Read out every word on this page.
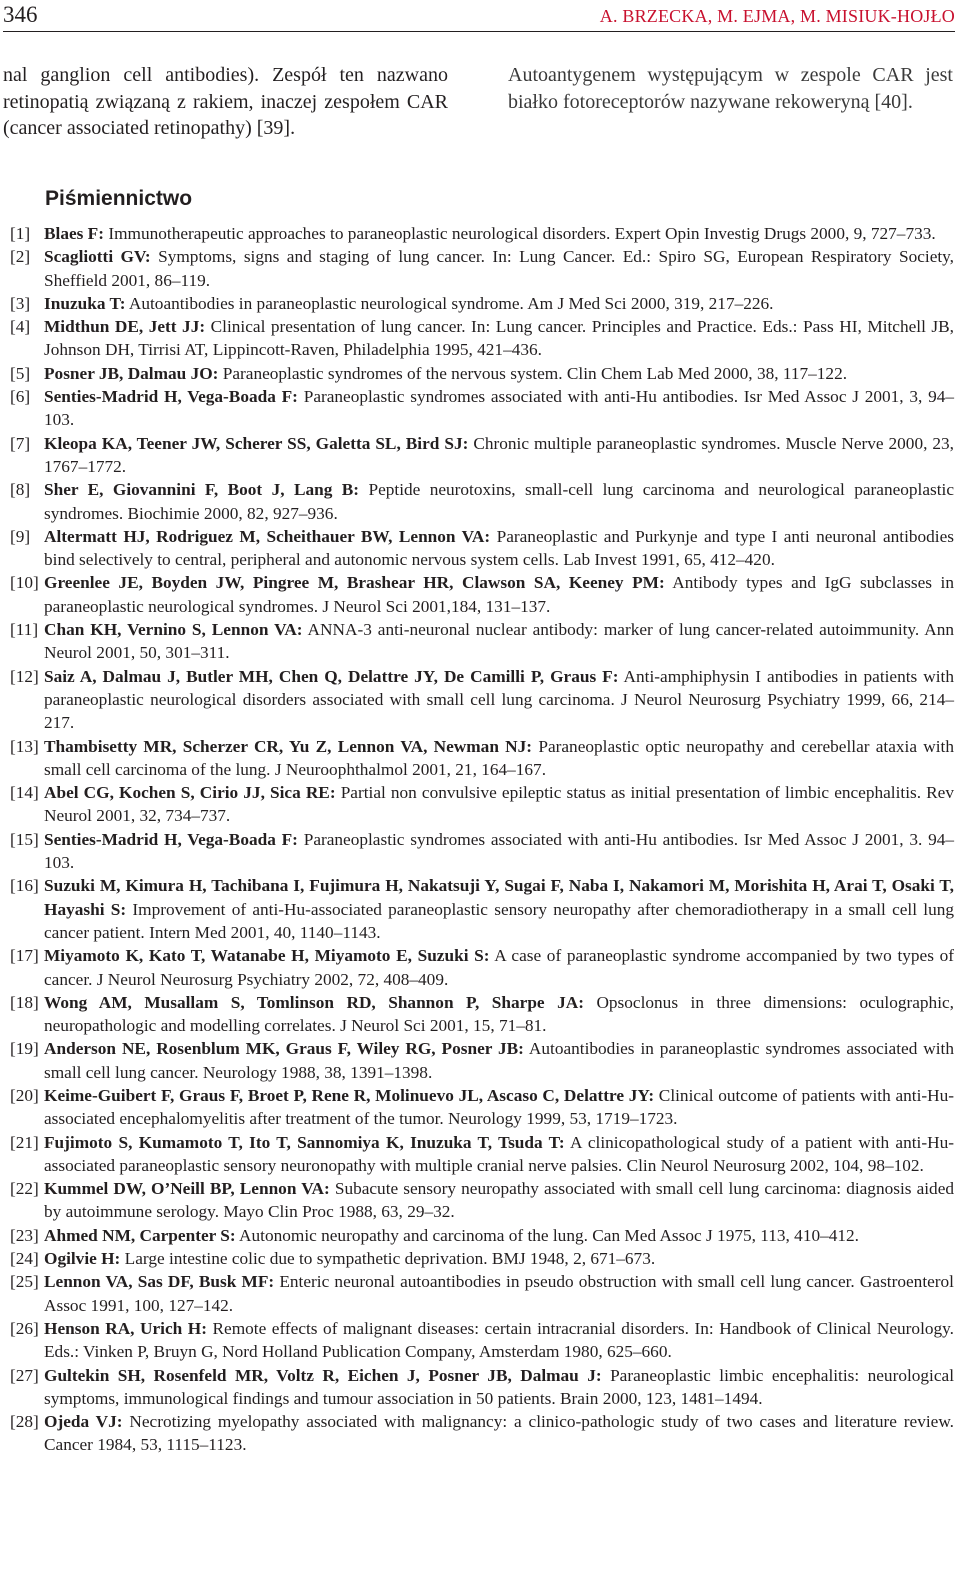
346	A. BRZECKA, M. EJMA, M. MISIUK-HOJŁO

nal ganglion cell antibodies). Zespół ten nazwano retinopatią związaną z rakiem, inaczej zespołem CAR (cancer associated retinopathy) [39].

Autoantygenem występującym w zespole CAR jest białko fotoreceptorów nazywane rekoweryną [40].

Piśmiennictwo
[1] Blaes F: Immunotherapeutic approaches to paraneoplastic neurological disorders. Expert Opin Investig Drugs 2000, 9, 727–733.
[2] Scagliotti GV: Symptoms, signs and staging of lung cancer. In: Lung Cancer. Ed.: Spiro SG, European Respiratory Society, Sheffield 2001, 86–119.
[3] Inuzuka T: Autoantibodies in paraneoplastic neurological syndrome. Am J Med Sci 2000, 319, 217–226.
[4] Midthun DE, Jett JJ: Clinical presentation of lung cancer. In: Lung cancer. Principles and Practice. Eds.: Pass HI, Mitchell JB, Johnson DH, Tirrisi AT, Lippincott-Raven, Philadelphia 1995, 421–436.
[5] Posner JB, Dalmau JO: Paraneoplastic syndromes of the nervous system. Clin Chem Lab Med 2000, 38, 117–122.
[6] Senties-Madrid H, Vega-Boada F: Paraneoplastic syndromes associated with anti-Hu antibodies. Isr Med Assoc J 2001, 3, 94–103.
[7] Kleopa KA, Teener JW, Scherer SS, Galetta SL, Bird SJ: Chronic multiple paraneoplastic syndromes. Muscle Nerve 2000, 23, 1767–1772.
[8] Sher E, Giovannini F, Boot J, Lang B: Peptide neurotoxins, small-cell lung carcinoma and neurological paraneoplastic syndromes. Biochimie 2000, 82, 927–936.
[9] Altermatt HJ, Rodriguez M, Scheithauer BW, Lennon VA: Paraneoplastic and Purkynje and type I anti neuronal antibodies bind selectively to central, peripheral and autonomic nervous system cells. Lab Invest 1991, 65, 412–420.
[10] Greenlee JE, Boyden JW, Pingree M, Brashear HR, Clawson SA, Keeney PM: Antibody types and IgG subclasses in paraneoplastic neurological syndromes. J Neurol Sci 2001,184, 131–137.
[11] Chan KH, Vernino S, Lennon VA: ANNA-3 anti-neuronal nuclear antibody: marker of lung cancer-related autoimmunity. Ann Neurol 2001, 50, 301–311.
[12] Saiz A, Dalmau J, Butler MH, Chen Q, Delattre JY, De Camilli P, Graus F: Anti-amphiphysin I antibodies in patients with paraneoplastic neurological disorders associated with small cell lung carcinoma. J Neurol Neurosurg Psychiatry 1999, 66, 214–217.
[13] Thambisetty MR, Scherzer CR, Yu Z, Lennon VA, Newman NJ: Paraneoplastic optic neuropathy and cerebellar ataxia with small cell carcinoma of the lung. J Neuroophthalmol 2001, 21, 164–167.
[14] Abel CG, Kochen S, Cirio JJ, Sica RE: Partial non convulsive epileptic status as initial presentation of limbic encephalitis. Rev Neurol 2001, 32, 734–737.
[15] Senties-Madrid H, Vega-Boada F: Paraneoplastic syndromes associated with anti-Hu antibodies. Isr Med Assoc J 2001, 3. 94–103.
[16] Suzuki M, Kimura H, Tachibana I, Fujimura H, Nakatsuji Y, Sugai F, Naba I, Nakamori M, Morishita H, Arai T, Osaki T, Hayashi S: Improvement of anti-Hu-associated paraneoplastic sensory neuropathy after chemoradiotherapy in a small cell lung cancer patient. Intern Med 2001, 40, 1140–1143.
[17] Miyamoto K, Kato T, Watanabe H, Miyamoto E, Suzuki S: A case of paraneoplastic syndrome accompanied by two types of cancer. J Neurol Neurosurg Psychiatry 2002, 72, 408–409.
[18] Wong AM, Musallam S, Tomlinson RD, Shannon P, Sharpe JA: Opsoclonus in three dimensions: oculographic, neuropathologic and modelling correlates. J Neurol Sci 2001, 15, 71–81.
[19] Anderson NE, Rosenblum MK, Graus F, Wiley RG, Posner JB: Autoantibodies in paraneoplastic syndromes associated with small cell lung cancer. Neurology 1988, 38, 1391–1398.
[20] Keime-Guibert F, Graus F, Broet P, Rene R, Molinuevo JL, Ascaso C, Delattre JY: Clinical outcome of patients with anti-Hu-associated encephalomyelitis after treatment of the tumor. Neurology 1999, 53, 1719–1723.
[21] Fujimoto S, Kumamoto T, Ito T, Sannomiya K, Inuzuka T, Tsuda T: A clinicopathological study of a patient with anti-Hu-associated paraneoplastic sensory neuronopathy with multiple cranial nerve palsies. Clin Neurol Neurosurg 2002, 104, 98–102.
[22] Kummel DW, O’Neill BP, Lennon VA: Subacute sensory neuropathy associated with small cell lung carcinoma: diagnosis aided by autoimmune serology. Mayo Clin Proc 1988, 63, 29–32.
[23] Ahmed NM, Carpenter S: Autonomic neuropathy and carcinoma of the lung. Can Med Assoc J 1975, 113, 410–412.
[24] Ogilvie H: Large intestine colic due to sympathetic deprivation. BMJ 1948, 2, 671–673.
[25] Lennon VA, Sas DF, Busk MF: Enteric neuronal autoantibodies in pseudo obstruction with small cell lung cancer. Gastroenterol Assoc 1991, 100, 127–142.
[26] Henson RA, Urich H: Remote effects of malignant diseases: certain intracranial disorders. In: Handbook of Clinical Neurology. Eds.: Vinken P, Bruyn G, Nord Holland Publication Company, Amsterdam 1980, 625–660.
[27] Gultekin SH, Rosenfeld MR, Voltz R, Eichen J, Posner JB, Dalmau J: Paraneoplastic limbic encephalitis: neurological symptoms, immunological findings and tumour association in 50 patients. Brain 2000, 123, 1481–1494.
[28] Ojeda VJ: Necrotizing myelopathy associated with malignancy: a clinico-pathologic study of two cases and literature review. Cancer 1984, 53, 1115–1123.
